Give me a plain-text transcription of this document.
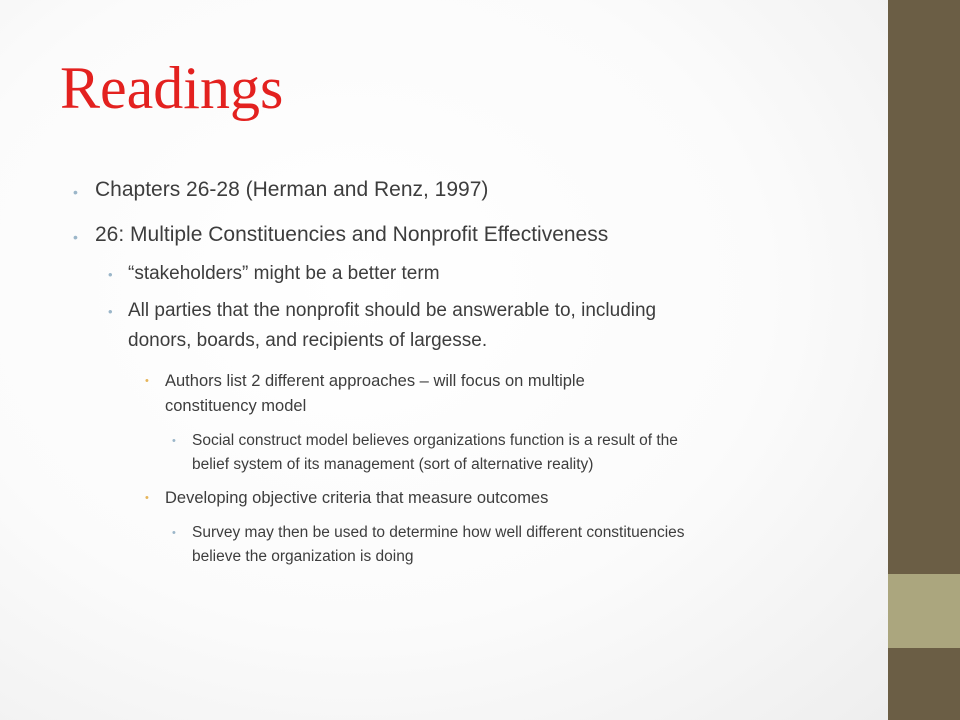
Readings
• Chapters 26-28 (Herman and Renz, 1997)
• 26: Multiple Constituencies and Nonprofit Effectiveness
• “stakeholders” might be a better term
• All parties that the nonprofit should be answerable to, including
donors, boards, and recipients of largesse.
• Authors list 2 different approaches – will focus on multiple
constituency model
• Social construct model believes organizations function is a result of the
belief system of its management (sort of alternative reality)
• Developing objective criteria that measure outcomes
• Survey may then be used to determine how well different constituencies
believe the organization is doing
